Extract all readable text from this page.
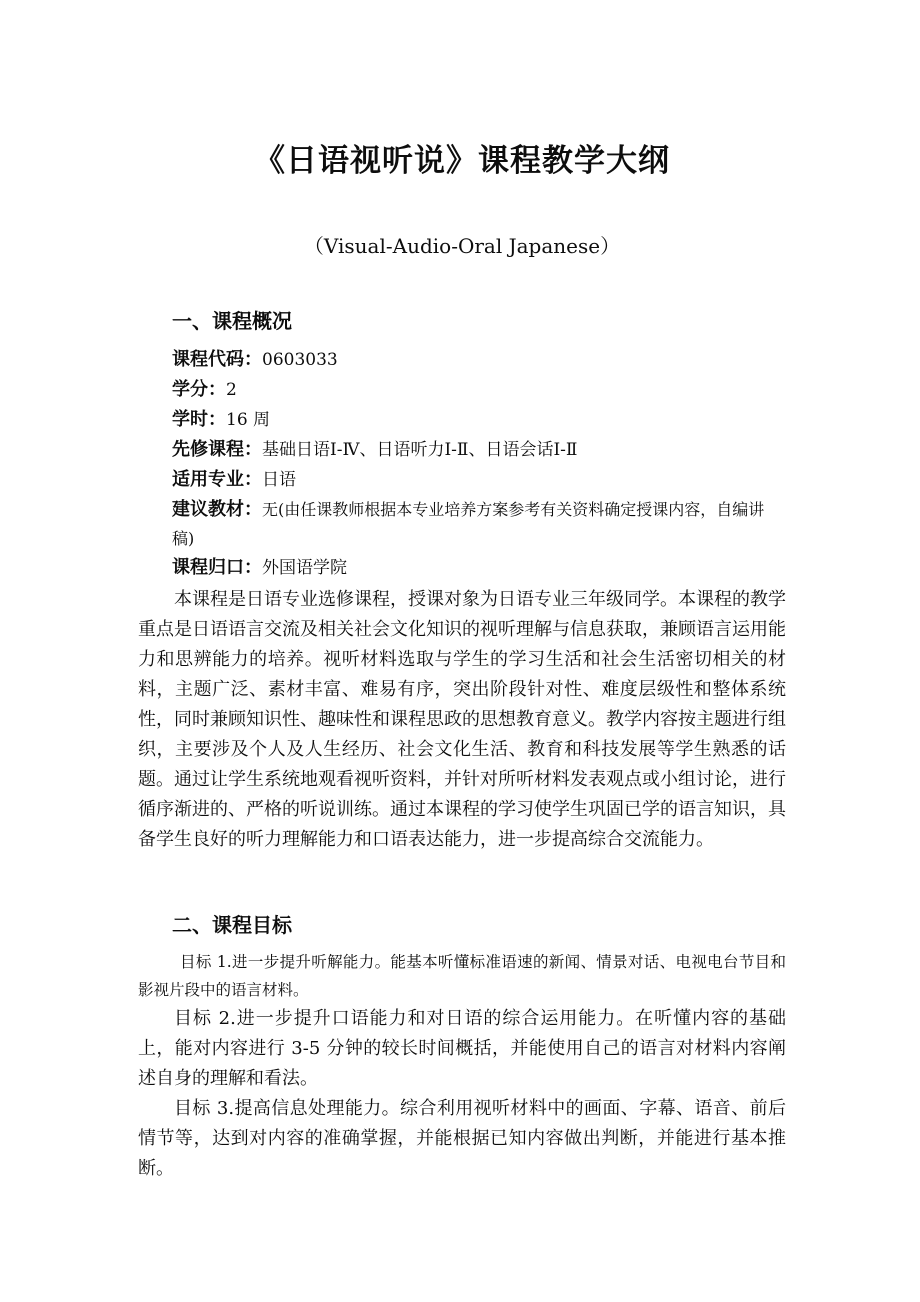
《日语视听说》课程教学大纲
（Visual-Audio-Oral Japanese）
一、课程概况
课程代码：0603033
学分：2
学时：16 周
先修课程：基础日语Ⅰ-Ⅳ、日语听力Ⅰ-Ⅱ、日语会话Ⅰ-Ⅱ
适用专业：日语
建议教材：无(由任课教师根据本专业培养方案参考有关资料确定授课内容，自编讲稿)
课程归口：外国语学院

本课程是日语专业选修课程，授课对象为日语专业三年级同学。本课程的教学重点是日语语言交流及相关社会文化知识的视听理解与信息获取，兼顾语言运用能力和思辨能力的培养。视听材料选取与学生的学习生活和社会生活密切相关的材料，主题广泛、素材丰富、难易有序，突出阶段针对性、难度层级性和整体系统性，同时兼顾知识性、趣味性和课程思政的思想教育意义。教学内容按主题进行组织，主要涉及个人及人生经历、社会文化生活、教育和科技发展等学生熟悉的话题。通过让学生系统地观看视听资料，并针对所听材料发表观点或小组讨论，进行循序渐进的、严格的听说训练。通过本课程的学习使学生巩固已学的语言知识，具备学生良好的听力理解能力和口语表达能力，进一步提高综合交流能力。

二、课程目标

目标 1.进一步提升听解能力。能基本听懂标准语速的新闻、情景对话、电视电台节目和影视片段中的语言材料。

目标 2.进一步提升口语能力和对日语的综合运用能力。在听懂内容的基础上，能对内容进行 3-5 分钟的较长时间概括，并能使用自己的语言对材料内容阐述自身的理解和看法。

目标 3.提高信息处理能力。综合利用视听材料中的画面、字幕、语音、前后情节等，达到对内容的准确掌握，并能根据已知内容做出判断，并能进行基本推断。
